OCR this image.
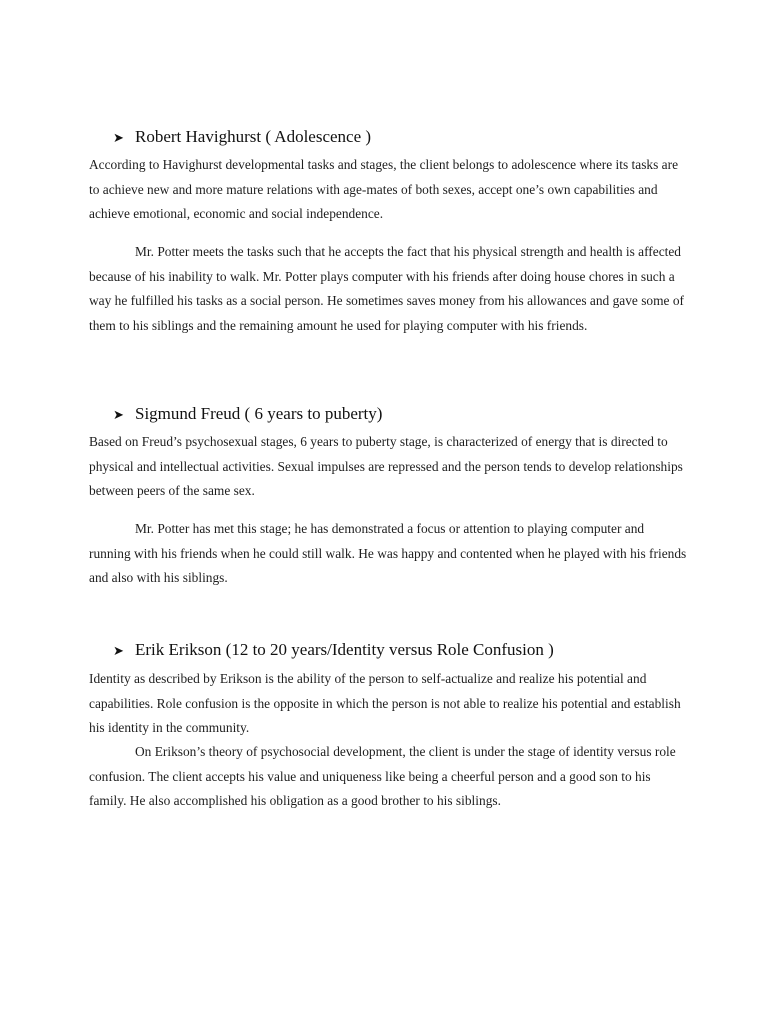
➤ Robert Havighurst ( Adolescence )

According to Havighurst developmental tasks and stages, the client belongs to adolescence where its tasks are to achieve new and more mature relations with age-mates of both sexes, accept one’s own capabilities and achieve emotional, economic and social independence.

Mr. Potter meets the tasks such that he accepts the fact that his physical strength and health is affected because of his inability to walk. Mr. Potter plays computer with his friends after doing house chores in such a way he fulfilled his tasks as a social person. He sometimes saves money from his allowances and gave some of them to his siblings and the remaining amount he used for playing computer with his friends.

➤ Sigmund Freud ( 6 years to puberty)

Based on Freud’s psychosexual stages, 6 years to puberty stage, is characterized of energy that is directed to physical and intellectual activities. Sexual impulses are repressed and the person tends to develop relationships between peers of the same sex.

Mr. Potter has met this stage; he has demonstrated a focus or attention to playing computer and running with his friends when he could still walk. He was happy and contented when he played with his friends and also with his siblings.

➤ Erik Erikson (12 to 20 years/Identity versus Role Confusion )

Identity as described by Erikson is the ability of the person to self-actualize and realize his potential and capabilities. Role confusion is the opposite in which the person is not able to realize his potential and establish his identity in the community.

On Erikson’s theory of psychosocial development, the client is under the stage of identity versus role confusion. The client accepts his value and uniqueness like being a cheerful person and a good son to his family. He also accomplished his obligation as a good brother to his siblings.
